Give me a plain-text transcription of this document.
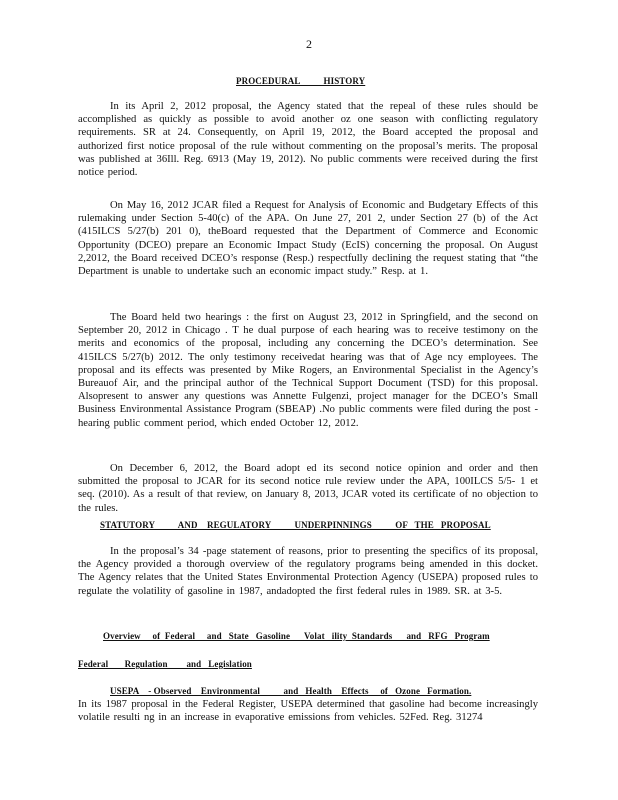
2
PROCEDURAL          HISTORY

In its April 2, 2012 proposal, the Agency stated that the repeal of these rules should be accomplished as quickly as possible to avoid another oz one season with conflicting regulatory requirements. SR at 24. Consequently, on April 19, 2012, the Board accepted the proposal and authorized first notice proposal of the rule without commenting on the proposal’s merits. The proposal was published at 36Ill. Reg. 6913 (May 19, 2012). No public comments were received during the first notice period.

On May 16, 2012 JCAR filed a Request for Analysis of Economic and Budgetary Effects of this rulemaking under Section 5-40(c) of the APA. On June 27, 201 2, under Section 27 (b) of the Act (415ILCS 5/27(b) 201 0), theBoard requested that the Department of Commerce and Economic Opportunity (DCEO) prepare an Economic Impact Study (EcIS) concerning the proposal. On August 2,2012, the Board received DCEO’s response (Resp.) respectfully declining the request stating that “the Department is unable to undertake such an economic impact study.” Resp. at 1.

The Board held two hearings : the first on August 23, 2012 in Springfield, and the second on September 20, 2012 in Chicago . T he dual purpose of each hearing was to receive testimony on the merits and economics of the proposal, including any concerning the DCEO’s determination. See 415ILCS 5/27(b) 2012. The only testimony receivedat hearing was that of Age ncy employees. The proposal and its effects was presented by Mike Rogers, an Environmental Specialist in the Agency’s Bureauof Air, and the principal author of the Technical Support Document (TSD) for this proposal. Alsopresent to answer any questions was Annette Fulgenzi, project manager for the DCEO’s Small Business Environmental Assistance Program (SBEAP) .No public comments were filed during the post -hearing public comment period, which ended October 12, 2012.

On December 6, 2012, the Board adopt ed its second notice opinion and order and then submitted the proposal to JCAR for its second notice rule review under the APA, 100ILCS 5/5- 1 et seq. (2010). As a result of that review, on January 8, 2013, JCAR voted its certificate of no objection to the rules.

STATUTORY          AND    REGULATORY          UNDERPINNINGS          OF   THE   PROPOSAL

In the proposal’s 34 -page statement of reasons, prior to presenting the specifics of its proposal, the Agency provided a thorough overview of the regulatory programs being amended in this docket. The Agency relates that the United States Environmental Protection Agency (USEPA) proposed rules to regulate the volatility of gasoline in 1987, andadopted the first federal rules in 1989. SR. at 3-5.

Overview     of  Federal     and   State   Gasoline      Volat   ility  Standards      and   RFG   Program
Federal       Regulation        and   Legislation
USEPA    - Observed    Environmental          and   Health    Effects     of   Ozone   Formation.

In its 1987 proposal in the Federal Register, USEPA determined that gasoline had become increasingly volatile resulti ng in an increase in evaporative emissions from vehicles. 52Fed. Reg. 31274
